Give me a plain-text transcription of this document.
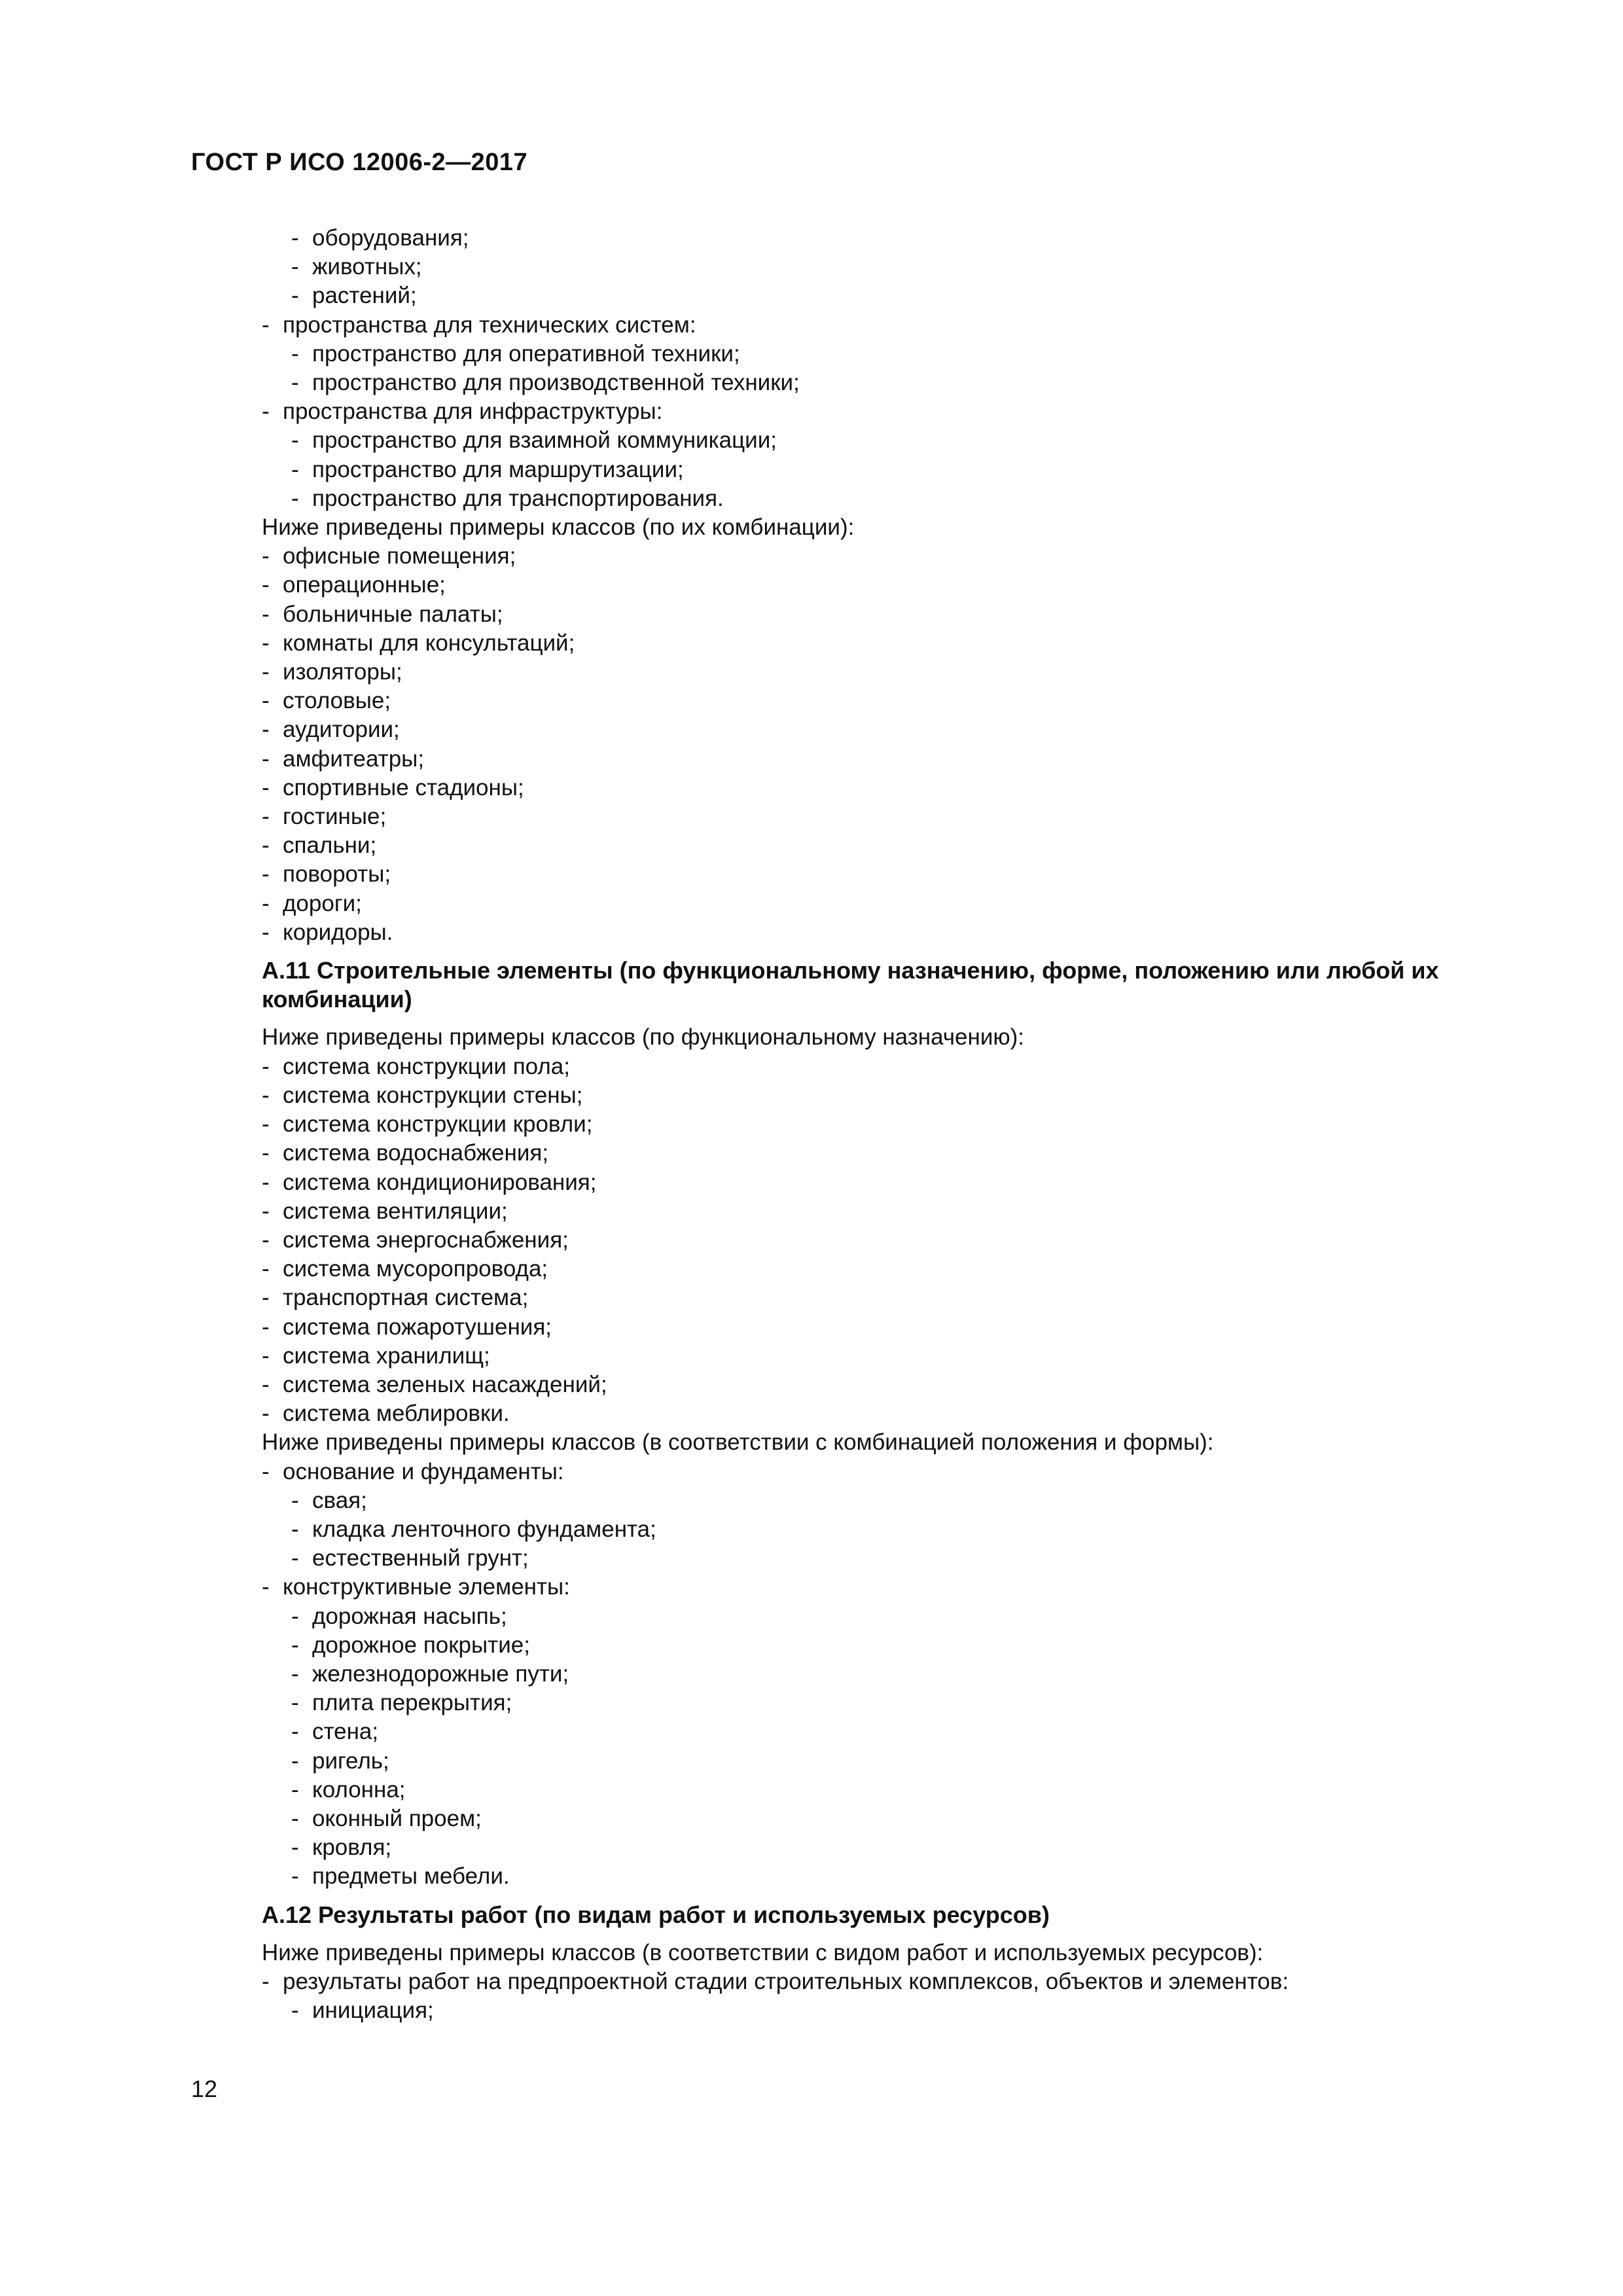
ГОСТ Р ИСО 12006-2—2017
- оборудования;
- животных;
- растений;
- пространства для технических систем:
- пространство для оперативной техники;
- пространство для производственной техники;
- пространства для инфраструктуры:
- пространство для взаимной коммуникации;
- пространство для маршрутизации;
- пространство для транспортирования.
Ниже приведены примеры классов (по их комбинации):
- офисные помещения;
- операционные;
- больничные палаты;
- комнаты для консультаций;
- изоляторы;
- столовые;
- аудитории;
- амфитеатры;
- спортивные стадионы;
- гостиные;
- спальни;
- повороты;
- дороги;
- коридоры.
А.11 Строительные элементы (по функциональному назначению, форме, положению или любой их комбинации)
Ниже приведены примеры классов (по функциональному назначению):
- система конструкции пола;
- система конструкции стены;
- система конструкции кровли;
- система водоснабжения;
- система кондиционирования;
- система вентиляции;
- система энергоснабжения;
- система мусоропровода;
- транспортная система;
- система пожаротушения;
- система хранилищ;
- система зеленых насаждений;
- система меблировки.
Ниже приведены примеры классов (в соответствии с комбинацией положения и формы):
- основание и фундаменты:
- свая;
- кладка ленточного фундамента;
- естественный грунт;
- конструктивные элементы:
- дорожная насыпь;
- дорожное покрытие;
- железнодорожные пути;
- плита перекрытия;
- стена;
- ригель;
- колонна;
- оконный проем;
- кровля;
- предметы мебели.
А.12 Результаты работ (по видам работ и используемых ресурсов)
Ниже приведены примеры классов (в соответствии с видом работ и используемых ресурсов):
- результаты работ на предпроектной стадии строительных комплексов, объектов и элементов:
- инициация;
12
